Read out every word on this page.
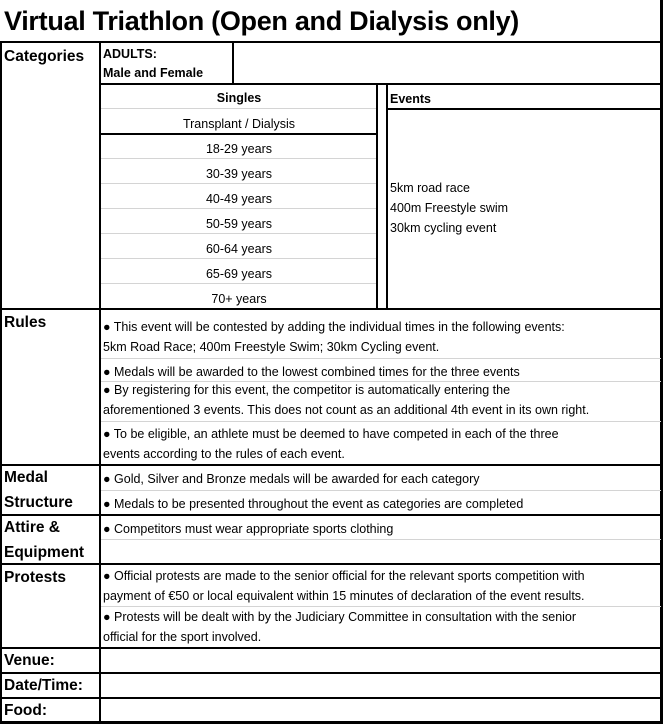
Virtual Triathlon (Open and Dialysis only)
Categories ADULTS:
Male and Female
Singles
Transplant / Dialysis
18-29 years
30-39 years
40-49 years
50-59 years
60-64 years
65-69 years
70+ years
Events
5km road race
400m Freestyle swim
30km cycling event
Rules	● This event will be contested by adding the individual times in the following events:
5km Road Race; 400m Freestyle Swim; 30km Cycling event.
● Medals will be awarded to the lowest combined times for the three events
● By registering for this event, the competitor is automatically entering the
aforementioned 3 events. This does not count as an additional 4th event in its own right.
● To be eligible, an athlete must be deemed to have competed in each of the three
events according to the rules of each event.
Medal
Structure
● Gold, Silver and Bronze medals will be awarded for each category
● Medals to be presented throughout the event as categories are completed
Attire &
Equipment
● Competitors must wear appropriate sports clothing
Protests	● Official protests are made to the senior official for the relevant sports competition with
payment of €50 or local equivalent within 15 minutes of declaration of the event results.
● Protests will be dealt with by the Judiciary Committee in consultation with the senior
official for the sport involved.
Venue:
Date/Time:
Food:
